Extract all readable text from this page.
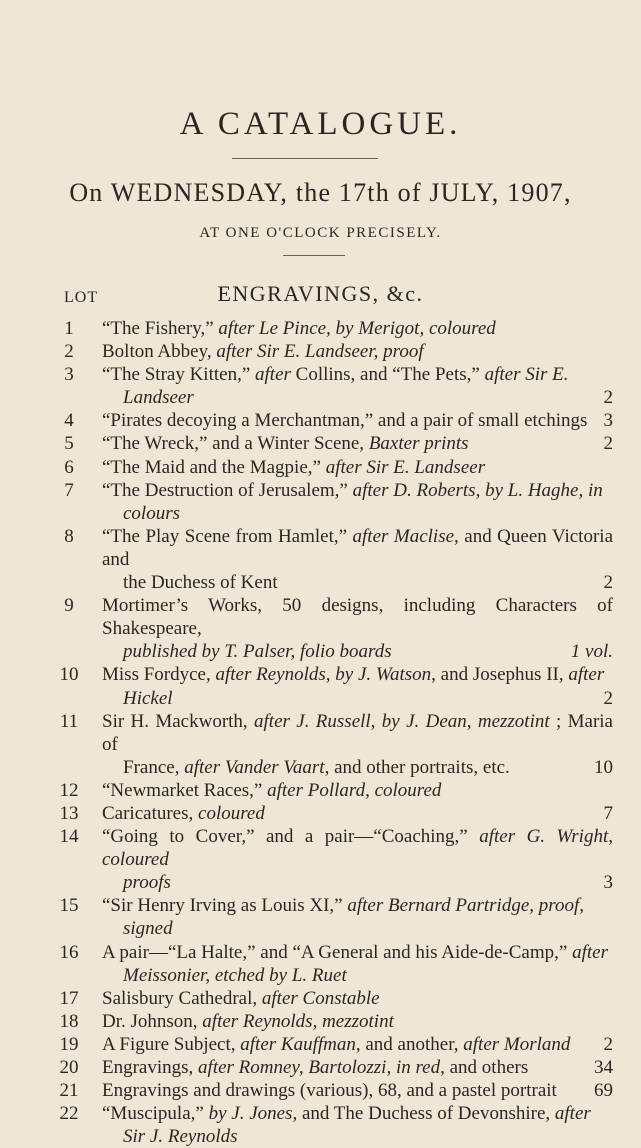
A CATALOGUE.
On WEDNESDAY, the 17th of JULY, 1907,
AT ONE O'CLOCK PRECISELY.
LOT	ENGRAVINGS, &c.
1	“The Fishery,” after Le Pince, by Merigot, coloured
2	Bolton Abbey, after Sir E. Landseer, proof
3	“The Stray Kitten,” after Collins, and “The Pets,” after Sir E.
Landseer	2
4	“Pirates decoying a Merchantman,” and a pair of small etchings 3
5	“The Wreck,” and a Winter Scene, Baxter prints	2
6	“The Maid and the Magpie,” after Sir E. Landseer
7	“The Destruction of Jerusalem,” after D. Roberts, by L. Haghe, in
colours
8	“The Play Scene from Hamlet,” after Maclise, and Queen Victoria and
the Duchess of Kent	2
9	Mortimer’s Works, 50 designs, including Characters of Shakespeare,
published by T. Palser, folio boards	1 vol.
10	Miss Fordyce, after Reynolds, by J. Watson, and Josephus II, after
Hickel	2
11	Sir H. Mackworth, after J. Russell, by J. Dean, mezzotint ; Maria of
France, after Vander Vaart, and other portraits, etc.	10
12	“Newmarket Races,” after Pollard, coloured
13	Caricatures, coloured	7
14	“Going to Cover,” and a pair—“Coaching,” after G. Wright, coloured
proofs	3
15	“Sir Henry Irving as Louis XI,” after Bernard Partridge, proof,
signed
16	A pair—“La Halte,” and “A General and his Aide-de-Camp,” after
Meissonier, etched by L. Ruet
17	Salisbury Cathedral, after Constable
18	Dr. Johnson, after Reynolds, mezzotint
19	A Figure Subject, after Kauffman, and another, after Morland	2
20	Engravings, after Romney, Bartolozzi, in red, and others	34
21	Engravings and drawings (various), 68, and a pastel portrait	69
22	“Muscipula,” by J. Jones, and The Duchess of Devonshire, after
Sir J. Reynolds
